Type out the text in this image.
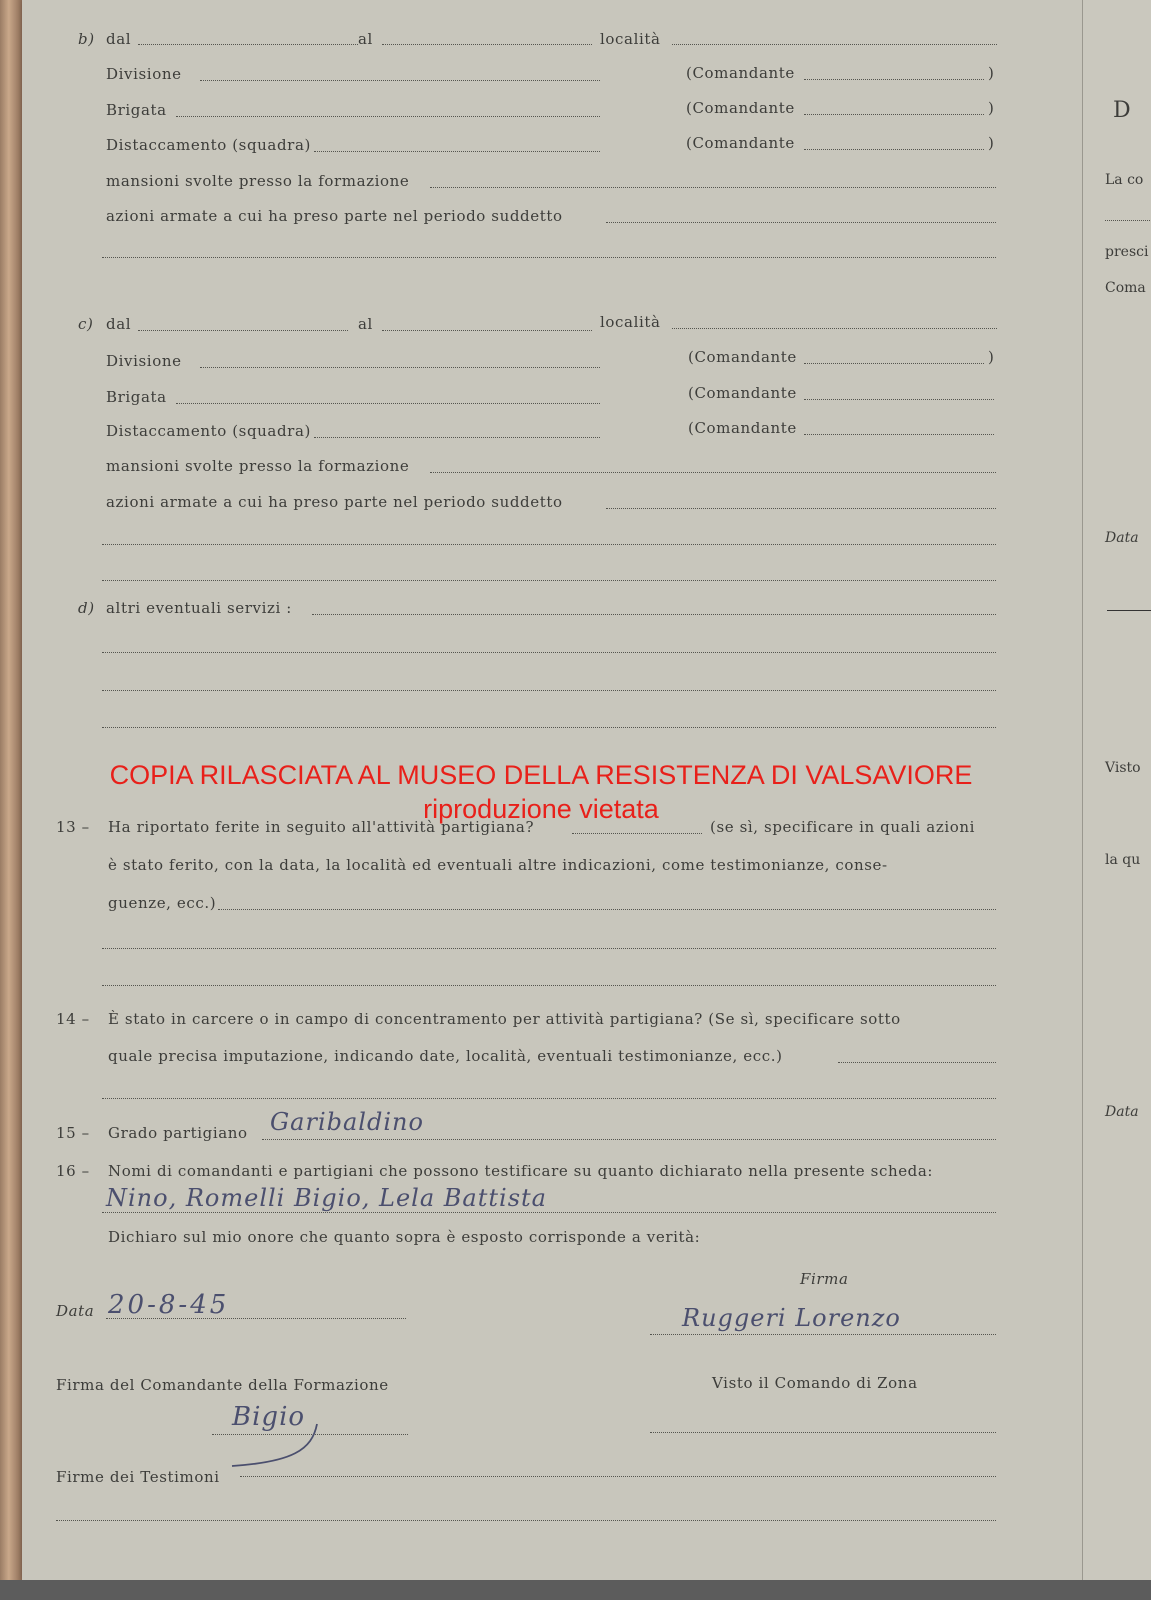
b) dal	al	località
Divisione	(Comandante	)
Brigata	(Comandante	)
Distaccamento (squadra)	(Comandante	)
mansioni svolte presso la formazione
azioni armate a cui ha preso parte nel periodo suddetto
c) dal	al	località
Divisione	(Comandante	)
Brigata	(Comandante
Distaccamento (squadra)	(Comandante
mansioni svolte presso la formazione
azioni armate a cui ha preso parte nel periodo suddetto
d) altri eventuali servizi :
13 – Ha riportato ferite in seguito all'attività partigiana?	(se sì, specificare in quali azioni
è stato ferito, con la data, la località ed eventuali altre indicazioni, come testimonianze, conse-
guenze, ecc.)
14 – È stato in carcere o in campo di concentramento per attività partigiana? (Se sì, specificare sotto
quale precisa imputazione, indicando date, località, eventuali testimonianze, ecc.)
15 – Grado partigiano Garibaldino
16 – Nomi di comandanti e partigiani che possono testificare su quanto dichiarato nella presente scheda:
Nino, Romelli Bigio, Lela Battista
Dichiaro sul mio onore che quanto sopra è esposto corrisponde a verità:
Firma
Ruggeri Lorenzo
Data 20-8-45
Visto il Comando di Zona
Firma del Comandante della Formazione
Bigio
Firme dei Testimoni
COPIA RILASCIATA AL MUSEO DELLA RESISTENZA DI VALSAVIORE
riproduzione vietata
D
La co
presci
Coma
Data
Visto
la qu
Data
